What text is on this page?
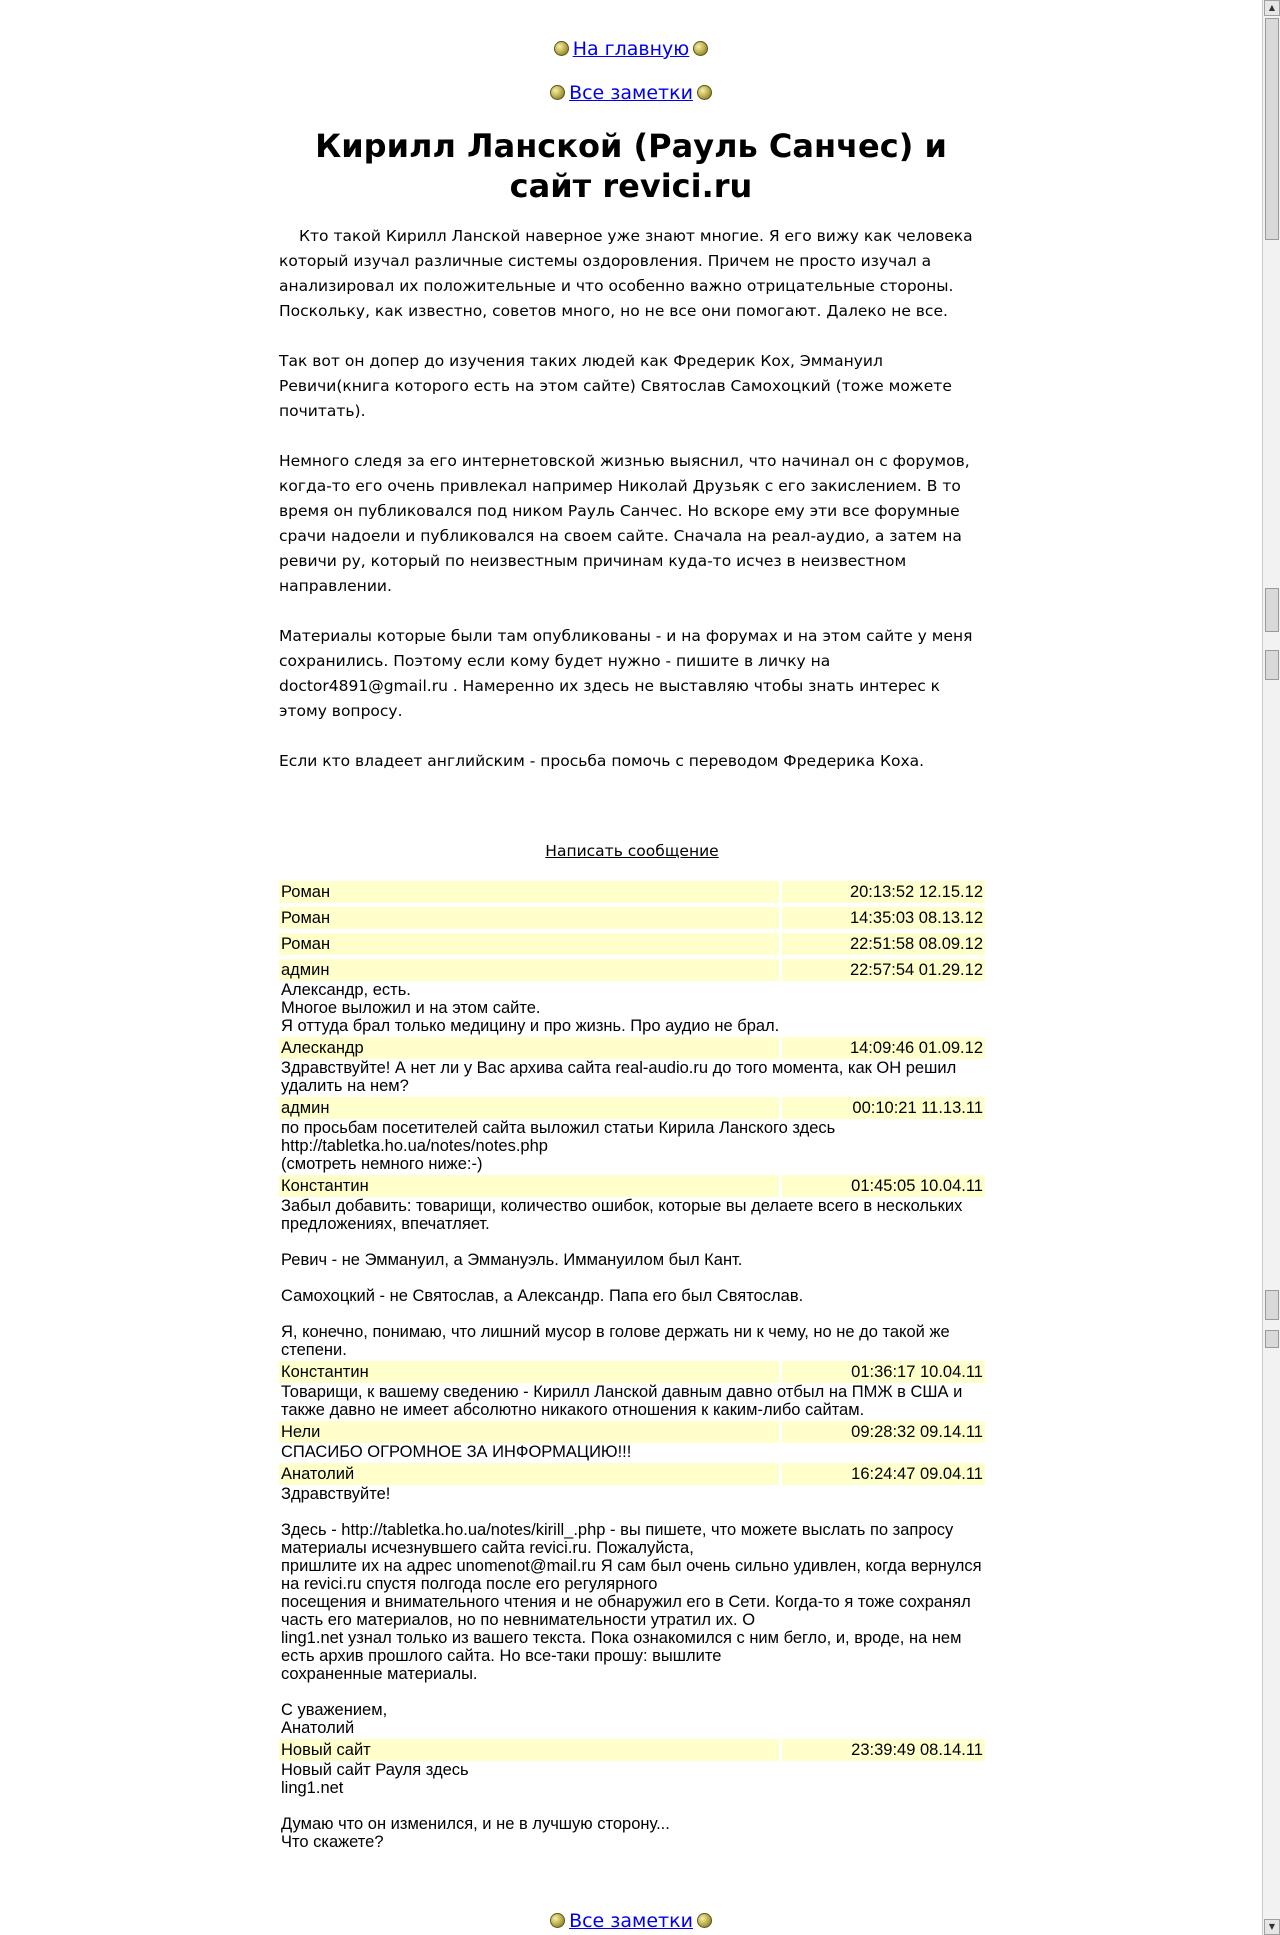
На главную
Все заметки
Кирилл Ланской (Рауль Санчес) и сайт revici.ru

Кто такой Кирилл Ланской наверное уже знают многие. Я его вижу как человека который изучал различные системы оздоровления. Причем не просто изучал а анализировал их положительные и что особенно важно отрицательные стороны. Поскольку, как известно, советов много, но не все они помогают. Далеко не все.

Так вот он допер до изучения таких людей как Фредерик Кох, Эммануил Ревичи(книга которого есть на этом сайте) Святослав Самохоцкий (тоже можете почитать).

Немного следя за его интернетовской жизнью выяснил, что начинал он с форумов, когда-то его очень привлекал например Николай Друзьяк с его закислением. В то время он публиковался под ником Рауль Санчес. Но вскоре ему эти все форумные срачи надоели и публиковался на своем сайте. Сначала на реал-аудио, а затем на ревичи ру, который по неизвестным причинам куда-то исчез в неизвестном направлении.

Материалы которые были там опубликованы - и на форумах и на этом сайте у меня сохранились. Поэтому если кому будет нужно - пишите в личку на doctor4891@gmail.ru . Намеренно их здесь не выставляю чтобы знать интерес к этому вопросу.

Если кто владеет английским - просьба помочь с переводом Фредерика Коха.

Написать сообщение
Роман	20:13:52 12.15.12
Роман	14:35:03 08.13.12
Роман	22:51:58 08.09.12
админ	22:57:54 01.29.12
Александр, есть.
Многое выложил и на этом сайте.
Я оттуда брал только медицину и про жизнь. Про аудио не брал.
Алескандр	14:09:46 01.09.12
Здравствуйте! А нет ли у Вас архива сайта real-audio.ru до того момента, как ОН решил удалить на нем?
админ	00:10:21 11.13.11
по просьбам посетителей сайта выложил статьи Кирила Ланского здесь
http://tabletka.ho.ua/notes/notes.php
(смотреть немного ниже:-)
Константин	01:45:05 10.04.11
Забыл добавить: товарищи, количество ошибок, которые вы делаете всего в нескольких предложениях, впечатляет.

Ревич - не Эммануил, а Эммануэль. Иммануилом был Кант.

Самохоцкий - не Святослав, а Александр. Папа его был Святослав.

Я, конечно, понимаю, что лишний мусор в голове держать ни к чему, но не до такой же степени.
Константин	01:36:17 10.04.11
Товарищи, к вашему сведению - Кирилл Ланской давным давно отбыл на ПМЖ в США и также давно не имеет абсолютно никакого отношения к каким-либо сайтам.
Нели	09:28:32 09.14.11
СПАСИБО ОГРОМНОЕ ЗА ИНФОРМАЦИЮ!!!
Анатолий	16:24:47 09.04.11
Здравствуйте!

Здесь - http://tabletka.ho.ua/notes/kirill_.php - вы пишете, что можете выслать по запросу материалы исчезнувшего сайта revici.ru. Пожалуйста,
пришлите их на адрес unomenot@mail.ru Я сам был очень сильно удивлен, когда вернулся на revici.ru спустя полгода после его регулярного
посещения и внимательного чтения и не обнаружил его в Сети. Когда-то я тоже сохранял часть его материалов, но по невнимательности утратил их. О
ling1.net узнал только из вашего текста. Пока ознакомился с ним бегло, и, вроде, на нем есть архив прошлого сайта. Но все-таки прошу: вышлите
сохраненные материалы.

С уважением,
Анатолий
Новый сайт	23:39:49 08.14.11
Новый сайт Рауля здесь
ling1.net

Думаю что он изменился, и не в лучшую сторону...
Что скажете?
Все заметки
▲
▼
